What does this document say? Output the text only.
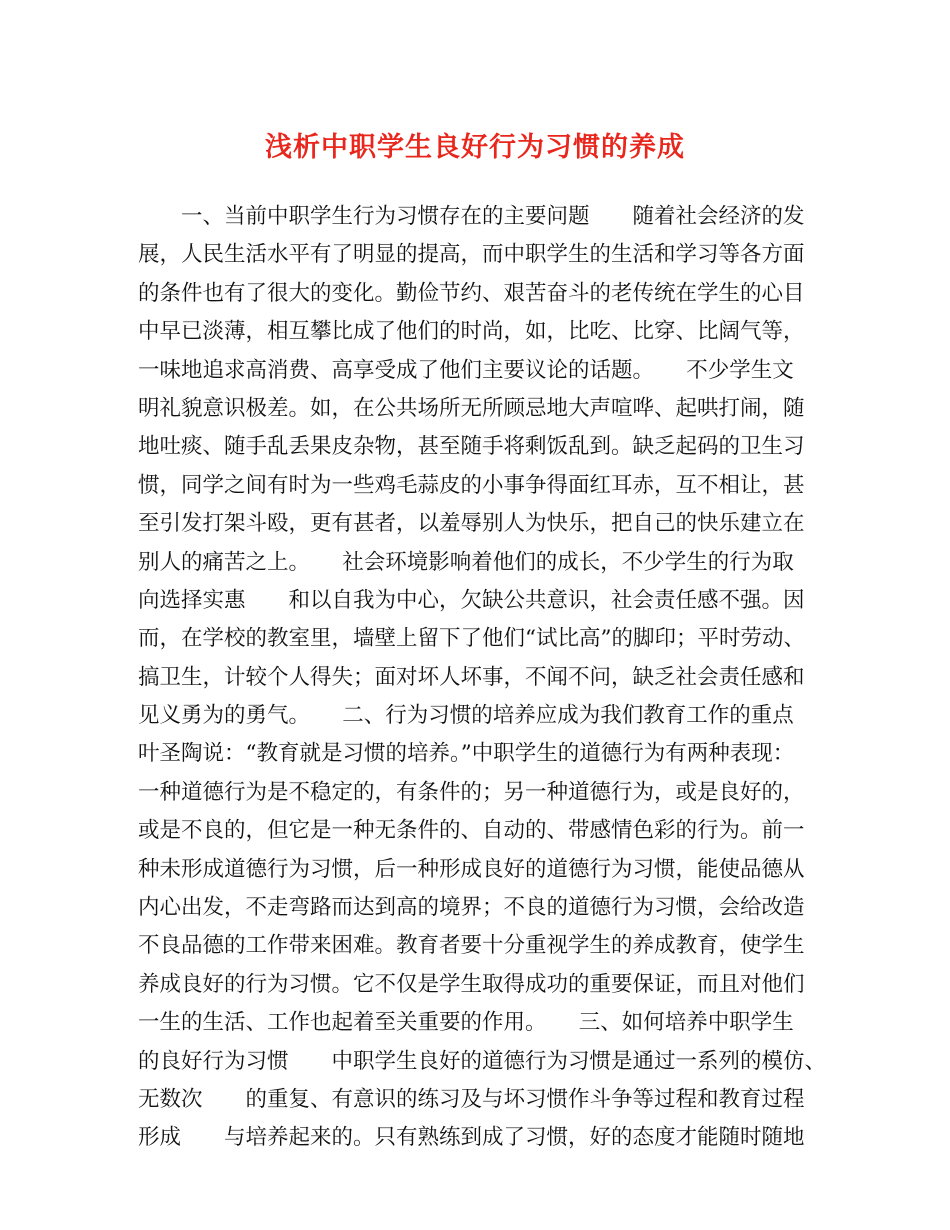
浅析中职学生良好行为习惯的养成
　　一、当前中职学生行为习惯存在的主要问题　　随着社会经济的发
展，人民生活水平有了明显的提高，而中职学生的生活和学习等各方面
的条件也有了很大的变化。勤俭节约、艰苦奋斗的老传统在学生的心目
中早已淡薄，相互攀比成了他们的时尚，如，比吃、比穿、比阔气等，
一味地追求高消费、高享受成了他们主要议论的话题。　　不少学生文
明礼貌意识极差。如，在公共场所无所顾忌地大声喧哗、起哄打闹，随
地吐痰、随手乱丢果皮杂物，甚至随手将剩饭乱到。缺乏起码的卫生习
惯，同学之间有时为一些鸡毛蒜皮的小事争得面红耳赤，互不相让，甚
至引发打架斗殴，更有甚者，以羞辱别人为快乐，把自己的快乐建立在
别人的痛苦之上。　　社会环境影响着他们的成长，不少学生的行为取
向选择实惠　　和以自我为中心，欠缺公共意识，社会责任感不强。因
而，在学校的教室里，墙壁上留下了他们“试比高”的脚印；平时劳动、
搞卫生，计较个人得失；面对坏人坏事，不闻不问，缺乏社会责任感和
见义勇为的勇气。　　二、行为习惯的培养应成为我们教育工作的重点
叶圣陶说：“教育就是习惯的培养。”中职学生的道德行为有两种表现：
一种道德行为是不稳定的，有条件的；另一种道德行为，或是良好的，
或是不良的，但它是一种无条件的、自动的、带感情色彩的行为。前一
种未形成道德行为习惯，后一种形成良好的道德行为习惯，能使品德从
内心出发，不走弯路而达到高的境界；不良的道德行为习惯，会给改造
不良品德的工作带来困难。教育者要十分重视学生的养成教育，使学生
养成良好的行为习惯。它不仅是学生取得成功的重要保证，而且对他们
一生的生活、工作也起着至关重要的作用。　　三、如何培养中职学生
的良好行为习惯　　中职学生良好的道德行为习惯是通过一系列的模仿、
无数次　　的重复、有意识的练习及与坏习惯作斗争等过程和教育过程
形成　　与培养起来的。只有熟练到成了习惯，好的态度才能随时随地
